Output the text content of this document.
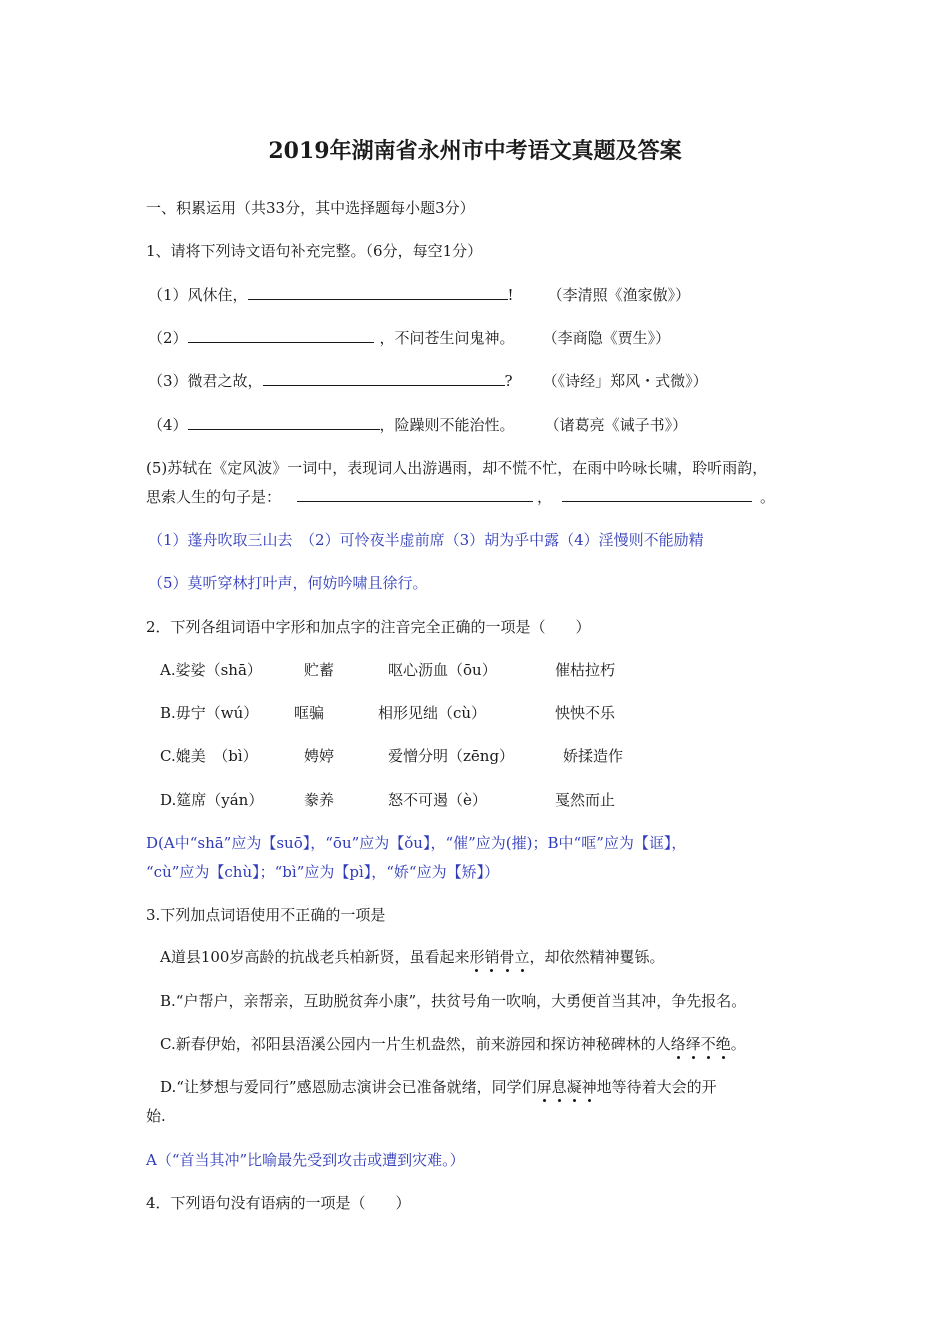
2019年湖南省永州市中考语文真题及答案
一、积累运用（共33分，其中选择题每小题3分）
1、请将下列诗文语句补充完整。（6分，每空1分）
（1）风休住，	! （李清照《渔家傲》）
（2）	，不问苍生问鬼神。 （李商隐《贾生》）
（3）微君之故，	? （《诗经」郑风・式微》）
（4）	，险躁则不能治性。 （诸葛亮《诫子书》）
(5)苏轼在《定风波》一词中，表现词人出游遇雨，却不慌不忙，在雨中吟咏长啸，聆听雨韵，
思索人生的句子是：	，	。
（1）蓬舟吹取三山去　（2）可怜夜半虚前席（3）胡为乎中露（4）淫慢则不能励精
（5）莫听穿林打叶声，何妨吟啸且徐行。
2．下列各组词语中字形和加点字的注音完全正确的一项是（　　）
A.娑娑（shā）	贮蓄	呕心沥血（ōu）	催枯拉朽
B.毋宁（wú） 哐骗	相形见绌（cù）	怏怏不乐
C.媲美　（bì）	娉婷	爱憎分明（zēng）	娇揉造作
D.筵席（yán）	豢养	怒不可遏（è）	戛然而止
D(A中“shā”应为【suō】，“ōu”应为【ǒu】，“催”应为(摧)；B中“哐”应为【诓】，
“cù”应为【chù】；“bì”应为【pì】，“娇“应为【矫】）
3.下列加点词语使用不正确的一项是
A道县100岁高龄的抗战老兵柏新贤，虽看起来形销骨立，却依然精神矍铄。
B.“户帮户，亲帮亲，互助脱贫奔小康”，扶贫号角一吹响，大勇便首当其冲，争先报名。
C.新春伊始，祁阳县浯溪公园内一片生机盎然，前来游园和探访神秘碑林的人络绎不绝。
D.“让梦想与爱同行”感恩励志演讲会已准备就绪，同学们屏息凝神地等待着大会的开
始.
A（“首当其冲”比喻最先受到攻击或遭到灾难。）
4．下列语句没有语病的一项是（　　）
